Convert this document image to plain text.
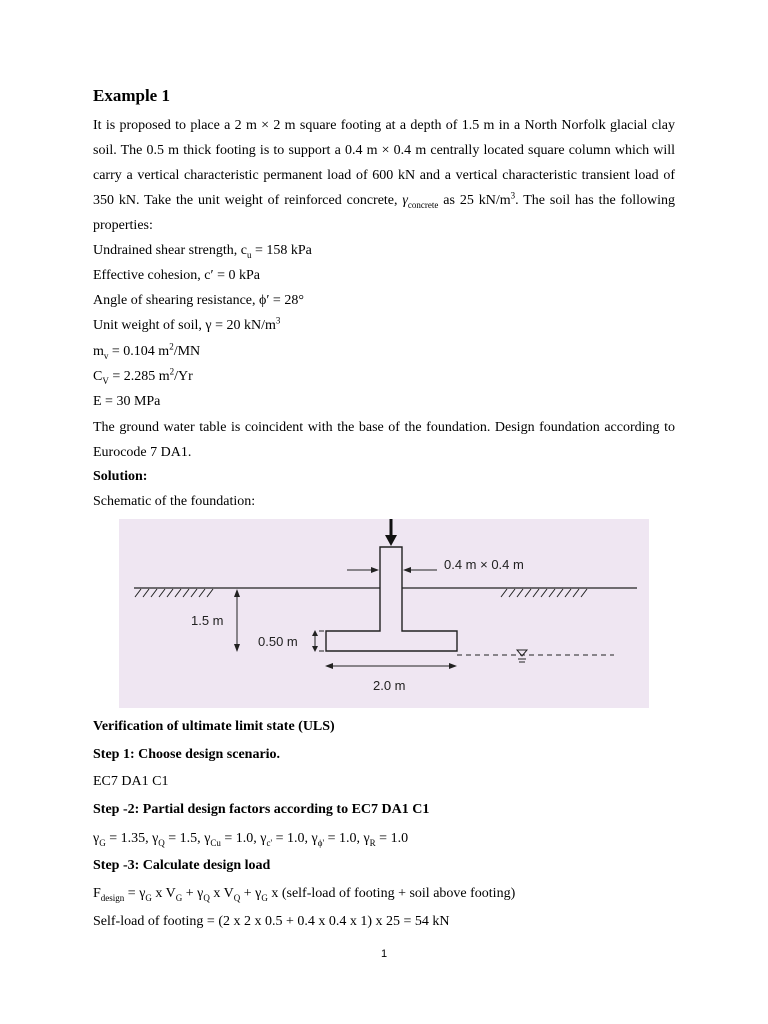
Example 1

It is proposed to place a 2 m × 2 m square footing at a depth of 1.5 m in a North Norfolk glacial clay soil. The 0.5 m thick footing is to support a 0.4 m × 0.4 m centrally located square column which will carry a vertical characteristic permanent load of 600 kN and a vertical characteristic transient load of 350 kN. Take the unit weight of reinforced concrete, $\gamma_{concrete}$ as 25 $kN/m^3$. The soil has the following properties:

Undrained shear strength, $c_u = 158$ kPa

Effective cohesion, c′ = 0 kPa

Angle of shearing resistance, ϕ′ = 28°

Unit weight of soil, γ = 20 $kN/m^3$

$m_v = 0.104$ $m^2/MN$

$C_V = 2.285$ $m^2/Yr$

E = 30 MPa

The ground water table is coincident with the base of the foundation. Design foundation according to Eurocode 7 DA1.

Solution:

Schematic of the foundation:

0.4 m × 0.4 m
1.5 m
0.50 m
2.0 m

Verification of ultimate limit state (ULS)

Step 1: Choose design scenario.

EC7 DA1 C1

Step -2: Partial design factors according to EC7 DA1 C1

$\gamma_G = 1.35$, $\gamma_Q = 1.5$, $\gamma_{Cu} = 1.0$, $\gamma_{c'} = 1.0$, $\gamma_{\phi'} = 1.0$, $\gamma_R = 1.0$

Step -3: Calculate design load

$F_{design} = \gamma_G$ x $V_G + \gamma_Q$ x $V_Q + \gamma_G$ x (self-load of footing + soil above footing)

Self-load of footing = (2 x 2 x 0.5 + 0.4 x 0.4 x 1) x 25 = 54 kN

1
